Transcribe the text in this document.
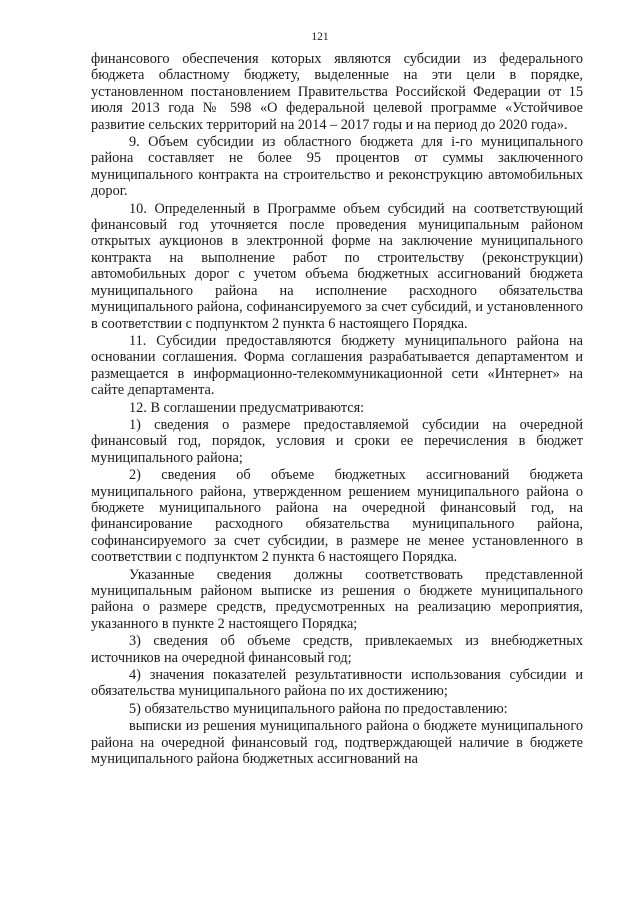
121

финансового обеспечения которых являются субсидии из федерального бюджета областному бюджету, выделенные на эти цели в порядке, установленном постановлением Правительства Российской Федерации от 15 июля 2013 года № 598 «О федеральной целевой программе «Устойчивое развитие сельских территорий на 2014 – 2017 годы и на период до 2020 года».

9. Объем субсидии из областного бюджета для i-го муниципального района составляет не более 95 процентов от суммы заключенного муниципального контракта на строительство и реконструкцию автомобильных дорог.

10. Определенный в Программе объем субсидий на соответствующий финансовый год уточняется после проведения муниципальным районом открытых аукционов в электронной форме на заключение муниципального контракта на выполнение работ по строительству (реконструкции) автомобильных дорог с учетом объема бюджетных ассигнований бюджета муниципального района на исполнение расходного обязательства муниципального района, софинансируемого за счет субсидий, и установленного в соответствии с подпунктом 2 пункта 6 настоящего Порядка.

11. Субсидии предоставляются бюджету муниципального района на основании соглашения. Форма соглашения разрабатывается департаментом и размещается в информационно-телекоммуникационной сети «Интернет» на сайте департамента.

12. В соглашении предусматриваются:

1) сведения о размере предоставляемой субсидии на очередной финансовый год, порядок, условия и сроки ее перечисления в бюджет муниципального района;

2) сведения об объеме бюджетных ассигнований бюджета муниципального района, утвержденном решением муниципального района о бюджете муниципального района на очередной финансовый год, на финансирование расходного обязательства муниципального района, софинансируемого за счет субсидии, в размере не менее установленного в соответствии с подпунктом 2 пункта 6 настоящего Порядка.

Указанные сведения должны соответствовать представленной муниципальным районом выписке из решения о бюджете муниципального района о размере средств, предусмотренных на реализацию мероприятия, указанного в пункте 2 настоящего Порядка;

3) сведения об объеме средств, привлекаемых из внебюджетных источников на очередной финансовый год;

4) значения показателей результативности использования субсидии и обязательства муниципального района по их достижению;

5) обязательство муниципального района по предоставлению:

выписки из решения муниципального района о бюджете муниципального района на очередной финансовый год, подтверждающей наличие в бюджете муниципального района бюджетных ассигнований на
